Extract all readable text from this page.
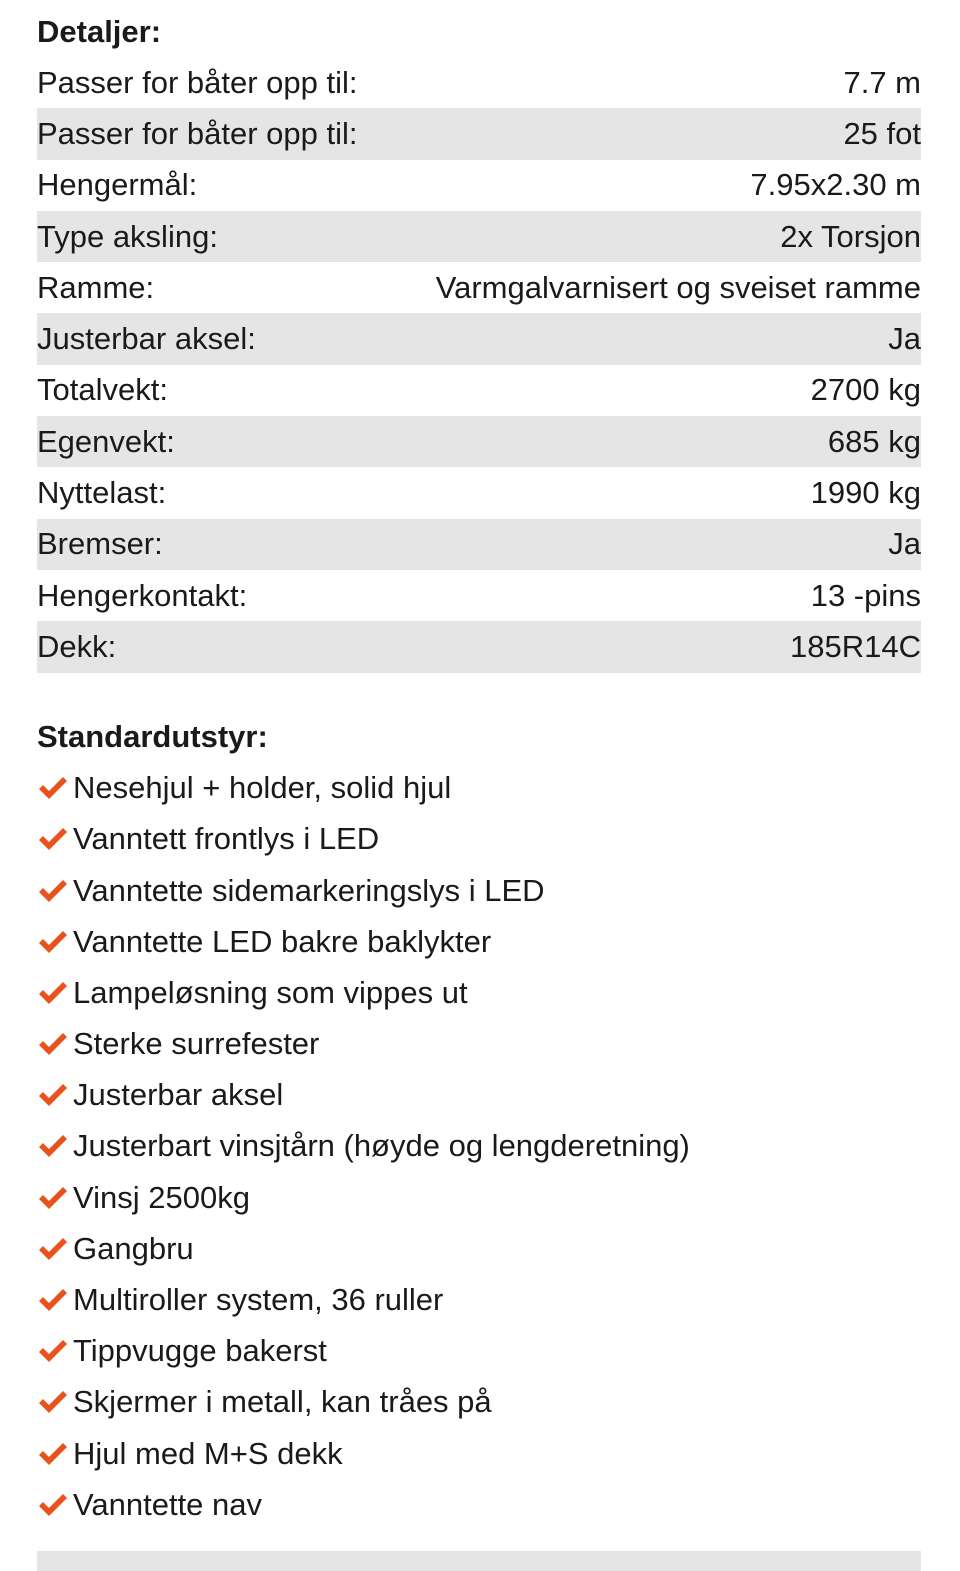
Detaljer:
Passer for båter opp til:	7.7 m
Passer for båter opp til:	25 fot
Hengermål:	7.95x2.30 m
Type aksling:	2x Torsjon
Ramme:	Varmgalvarnisert og sveiset ramme
Justerbar aksel:	Ja
Totalvekt:	2700 kg
Egenvekt:	685 kg
Nyttelast:	1990 kg
Bremser:	Ja
Hengerkontakt:	13 -pins
Dekk:	185R14C
Standardutstyr:
Nesehjul + holder, solid hjul
Vanntett frontlys i LED
Vanntette sidemarkeringslys i LED
Vanntette LED bakre baklykter
Lampeløsning som vippes ut
Sterke surrefester
Justerbar aksel
Justerbart vinsjtårn (høyde og lengderetning)
Vinsj 2500kg
Gangbru
Multiroller system, 36 ruller
Tippvugge bakerst
Skjermer i metall, kan tråes på
Hjul med M+S dekk
Vanntette nav
